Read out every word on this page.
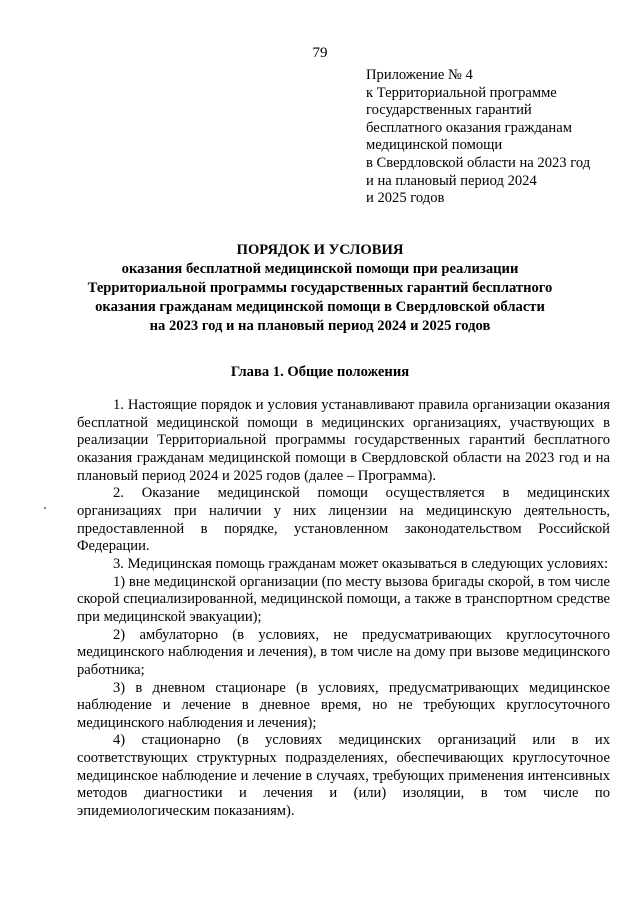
79
Приложение № 4
к Территориальной программе
государственных гарантий
бесплатного оказания гражданам
медицинской помощи
в Свердловской области на 2023 год
и на плановый период 2024
и 2025 годов
ПОРЯДОК И УСЛОВИЯ
оказания бесплатной медицинской помощи при реализации
Территориальной программы государственных гарантий бесплатного
оказания гражданам медицинской помощи в Свердловской области
на 2023 год и на плановый период 2024 и 2025 годов
Глава 1. Общие положения

1. Настоящие порядок и условия устанавливают правила организации оказания бесплатной медицинской помощи в медицинских организациях, участвующих в реализации Территориальной программы государственных гарантий бесплатного оказания гражданам медицинской помощи в Свердловской области на 2023 год и на плановый период 2024 и 2025 годов (далее – Программа).

2. Оказание медицинской помощи осуществляется в медицинских организациях при наличии у них лицензии на медицинскую деятельность, предоставленной в порядке, установленном законодательством Российской Федерации.

3. Медицинская помощь гражданам может оказываться в следующих условиях:

1) вне медицинской организации (по месту вызова бригады скорой, в том числе скорой специализированной, медицинской помощи, а также в транспортном средстве при медицинской эвакуации);

2) амбулаторно (в условиях, не предусматривающих круглосуточного медицинского наблюдения и лечения), в том числе на дому при вызове медицинского работника;

3) в дневном стационаре (в условиях, предусматривающих медицинское наблюдение и лечение в дневное время, но не требующих круглосуточного медицинского наблюдения и лечения);

4) стационарно (в условиях медицинских организаций или в их соответствующих структурных подразделениях, обеспечивающих круглосуточное медицинское наблюдение и лечение в случаях, требующих применения интенсивных методов диагностики и лечения и (или) изоляции, в том числе по эпидемиологическим показаниям).
